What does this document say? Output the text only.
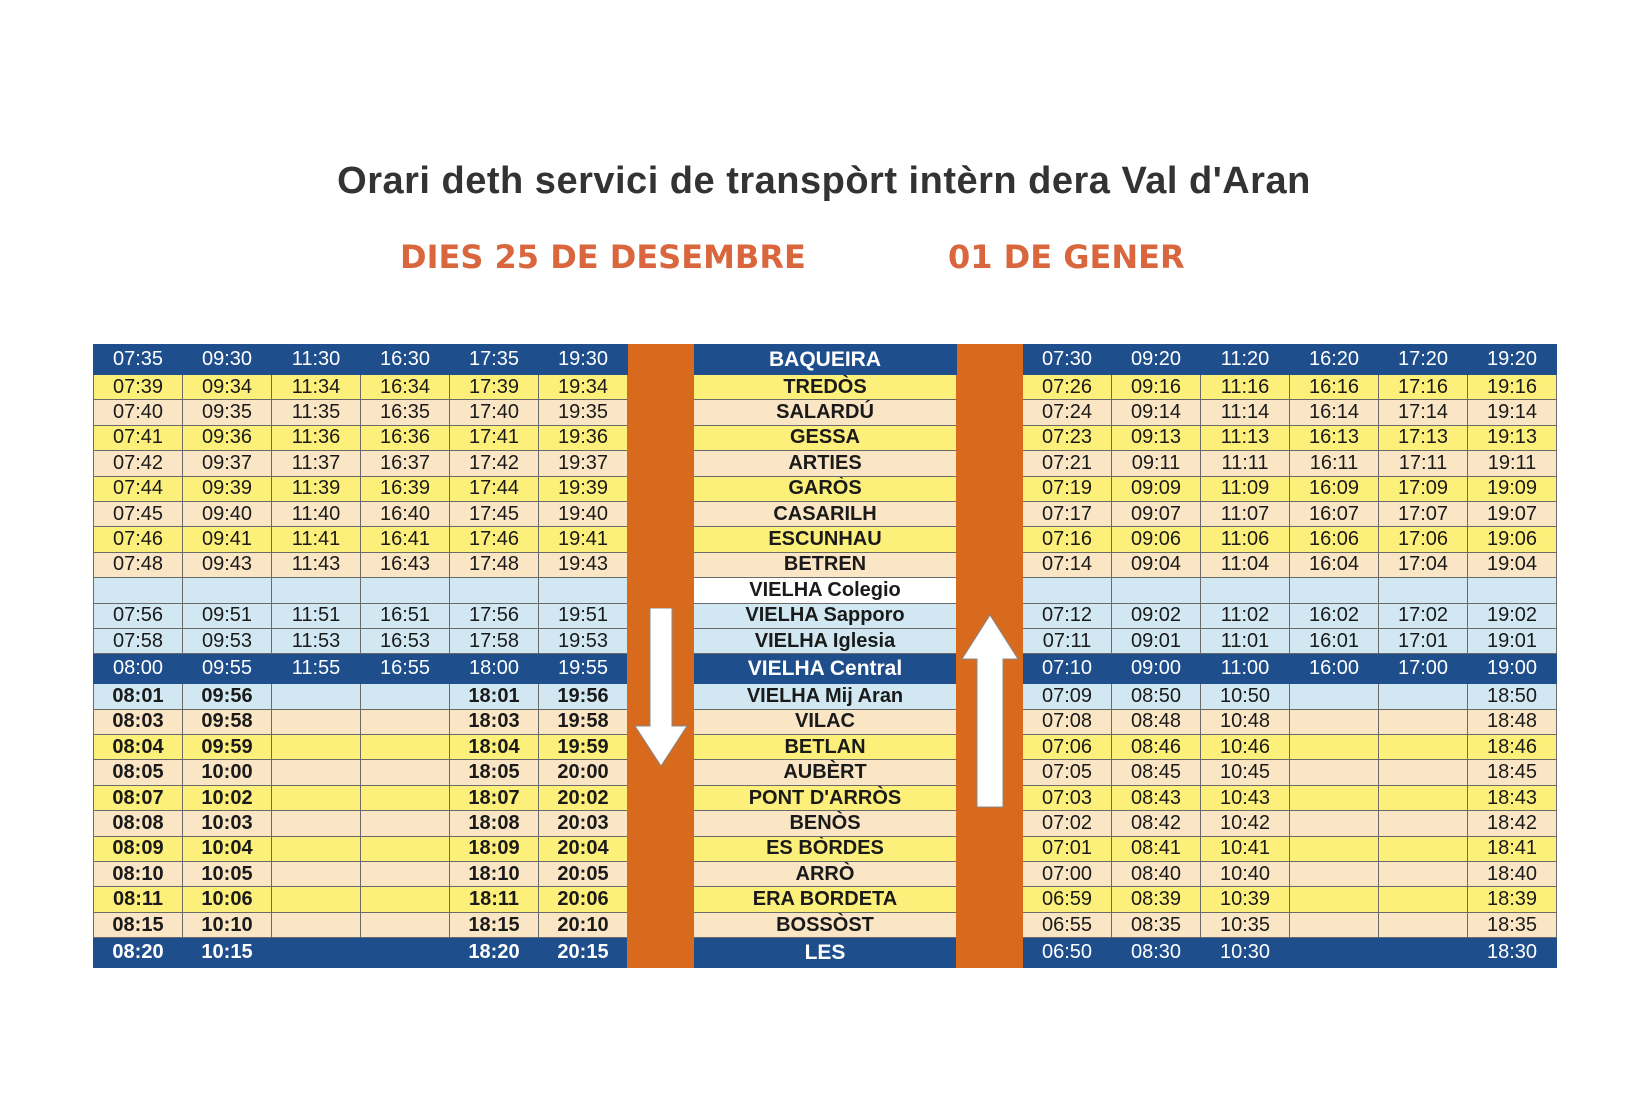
Orari deth servici de transpòrt intèrn dera Val d'Aran
DIES 25 DE DESEMBRE	01 DE GENER
07:35	09:30	11:30	16:30	17:35	19:30		BAQUEIRA		07:30	09:20	11:20	16:20	17:20	19:20
07:39	09:34	11:34	16:34	17:39	19:34		TREDÒS		07:26	09:16	11:16	16:16	17:16	19:16
07:40	09:35	11:35	16:35	17:40	19:35		SALARDÚ		07:24	09:14	11:14	16:14	17:14	19:14
07:41	09:36	11:36	16:36	17:41	19:36		GESSA		07:23	09:13	11:13	16:13	17:13	19:13
07:42	09:37	11:37	16:37	17:42	19:37		ARTIES		07:21	09:11	11:11	16:11	17:11	19:11
07:44	09:39	11:39	16:39	17:44	19:39		GARÒS		07:19	09:09	11:09	16:09	17:09	19:09
07:45	09:40	11:40	16:40	17:45	19:40		CASARILH		07:17	09:07	11:07	16:07	17:07	19:07
07:46	09:41	11:41	16:41	17:46	19:41		ESCUNHAU		07:16	09:06	11:06	16:06	17:06	19:06
07:48	09:43	11:43	16:43	17:48	19:43		BETREN		07:14	09:04	11:04	16:04	17:04	19:04
							VIELHA Colegio							
07:56	09:51	11:51	16:51	17:56	19:51		VIELHA Sapporo		07:12	09:02	11:02	16:02	17:02	19:02
07:58	09:53	11:53	16:53	17:58	19:53		VIELHA Iglesia		07:11	09:01	11:01	16:01	17:01	19:01
08:00	09:55	11:55	16:55	18:00	19:55		VIELHA Central		07:10	09:00	11:00	16:00	17:00	19:00
08:01	09:56			18:01	19:56		VIELHA Mij Aran		07:09	08:50	10:50			18:50
08:03	09:58			18:03	19:58		VILAC		07:08	08:48	10:48			18:48
08:04	09:59			18:04	19:59		BETLAN		07:06	08:46	10:46			18:46
08:05	10:00			18:05	20:00		AUBÈRT		07:05	08:45	10:45			18:45
08:07	10:02			18:07	20:02		PONT D'ARRÒS		07:03	08:43	10:43			18:43
08:08	10:03			18:08	20:03		BENÒS		07:02	08:42	10:42			18:42
08:09	10:04			18:09	20:04		ES BÒRDES		07:01	08:41	10:41			18:41
08:10	10:05			18:10	20:05		ARRÒ		07:00	08:40	10:40			18:40
08:11	10:06			18:11	20:06		ERA BORDETA		06:59	08:39	10:39			18:39
08:15	10:10			18:15	20:10		BOSSÒST		06:55	08:35	10:35			18:35
08:20	10:15			18:20	20:15		LES		06:50	08:30	10:30			18:30
